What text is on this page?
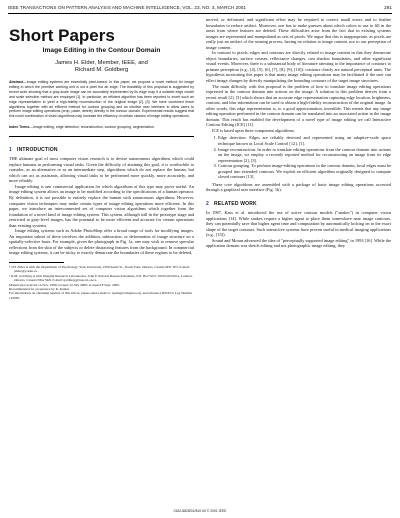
IEEE TRANSACTIONS ON PATTERN ANALYSIS AND MACHINE INTELLIGENCE, VOL. 23, NO. 3, MARCH 2001	291
Short Papers
Image Editing in the Contour Domain
James H. Elder, Member, IEEE, and
Richard M. Goldberg

Abstract—Image editing systems are essentially pixel-based. In this paper, we propose a novel method for image editing in which the primitive working unit is not a pixel but an edge. The feasibility of this proposal is suggested by recent work showing that a gray-scale image can be accurately represented by its edge map if a suitable edge model and scale selection method are employed [1]. In particular, an efficient algorithm has been reported to invert such an edge representation to yield a high-fidelity reconstruction of the original image [2], [3]. We have combined these algorithms together with an efficient method for contour grouping and an intuitive user interface to allow users to perform image editing operations (crop, paste, delete) directly in the contour domain. Experimental results suggest that this novel combination of vision algorithms may increase the efficiency of certain classes of image editing operations.

Index Terms—Image editing, edge detection, reconstruction, contour grouping, segmentation.

1 INTRODUCTION

THE ultimate goal of most computer vision research is to devise autonomous algorithms which could replace humans in performing visual tasks. Given the difficulty of attaining this goal, it is worthwhile to consider, as an alternative or as an intermediate step, algorithms which do not replace the human, but which can act as assistants, allowing visual tasks to be performed more quickly, more accurately, and more reliably.

Image editing is one commercial application for which algorithms of this type may prove useful. An image editing system allows an image to be modified according to the specifications of a human operator. By definition, it is not possible to entirely replace the human with autonomous algorithms. However, computer vision techniques may make certain types of image editing operations more efficient. In this paper, we introduce an interconnected set of computer vision algorithms which together form the foundation of a novel kind of image editing system. This system, although still in the prototype stage and restricted to gray-level images, has the potential to be more efficient and accurate for certain operations than existing systems.

Image editing systems such as Adobe PhotoShop offer a broad range of tools for modifying images. An important subset of these involves the addition, subtraction, or deformation of image structure on a spatially-selective basis. For example, given the photograph in Fig. 1a, one may wish to remove specular reflections from the skin of the subjects or delete distracting features from the background. In commercial image editing systems, it can be tricky to exactly demarcate the boundaries of these regions to be deleted,

• J.H. Elder is with the Department of Psychology, York University, 4700 Keele St., North York, Ontario, Canada M3J 1P3. E-mail: jelder@yorku.ca.
• R.M. Goldberg is with Imaging Research Laboratories, John P. Robarts Research Institute, P.O. Box 5015 100 Perth Drive, London, Ontario, Canada N6A 5K8. E-mail: goldberg@irus.rri.on.ca.
Manuscript received 14 Nov. 1999; revised 14 July 2000; accepted 8 Sept. 2000.
Recommended for acceptance by R. Kumar.
For information on obtaining reprints of this article, please send e-mail to: tpami@computer.org, and reference IEEECS Log Number 110965.

moved, or deformed, and significant effort may be required to correct small errors and to feather boundaries to reduce artifact. Moreover, one has to make guesses about which colors to use to fill in the areas from where features are deleted. These difficulties arise from the fact that in existing systems images are represented and manipulated as sets of pixels. We argue that this is inappropriate, as pixels are really just an artifact of the sensing process, having no relation to image content, nor to our perception of image content.

In contrast to pixels, edges and contours are directly related to image content in that they demarcate object boundaries, surface creases, reflectance changes, cast shadow boundaries, and other significant visual events. Moreover, there is a substantial body of literature attesting to the importance of contours to primate perception (e.g., [4], [5], [6], [7], [8], [9], [10]): contours clearly are natural perceptual units. The hypothesis motivating this paper is that many image editing operations may be facilitated if the user can effect image changes by directly manipulating the bounding contours of the target image structures.

The main difficulty with this proposal is the problem of how to translate image editing operations expressed in the contour domain into actions on the image. A solution to this problem derives from a recent result [2], [3] which shows that an accurate edge representation capturing edge location, brightness, contrast, and blur information can be used to obtain a high-fidelity reconstruction of the original image. In other words, this edge representation is, to a good approximation, invertible. This means that any image editing operation performed in the contour domain can be translated into an associated action in the image domain. This result has enabled the development of a novel type of image editing we call Interactive Contour Editing (ICE) [11].

ICE is based upon three component algorithms:

1. Edge detection. Edges are reliably detected and represented using an adaptive-scale space technique known as Local Scale Control [12], [1].
2. Image reconstruction. In order to translate editing operations from the contour domain into actions on the image, we employ a recently reported method for reconstructing an image from its edge representation [2], [3].
3. Contour grouping. To perform image-editing operations in the contour domain, local edges must be grouped into extended contours. We exploit an efficient algorithm originally designed to compute closed contours [13].

These core algorithms are assembled with a package of basic image editing operations accessed through a graphical user interface (Fig. 1b).

2 RELATED WORK

In 1987, Kass et al. introduced the use of active contour models ("snakes") in computer vision applications [14]. While snakes require a higher agent to place them somewhere near image contours, they can potentially save that higher agent time and computation by automatically locking on to the exact shape of the target contours. Such interactive systems have proven useful in medical imaging applications (e.g., [15]).

Sound and Moran advanced the idea of "perceptually supported image editing" in 1993 [16]. While the application domain was sketch editing and not photographic image editing, they

0162-8828/01/$10.00 © 2001 IEEE
